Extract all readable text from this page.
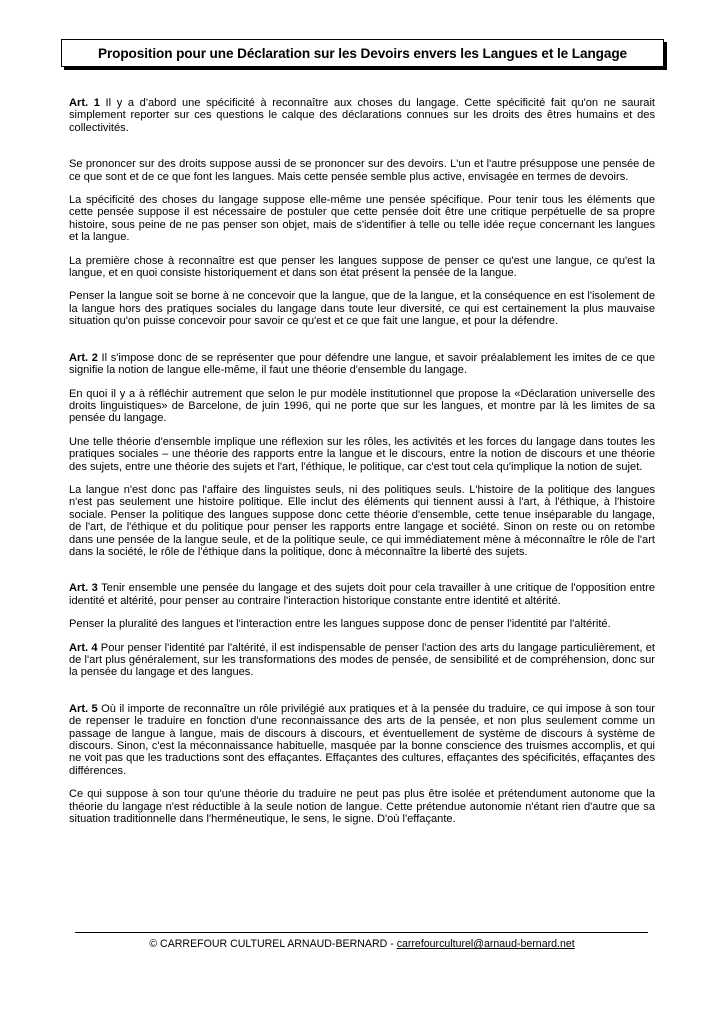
Proposition pour une Déclaration sur les Devoirs envers les Langues et le Langage

Art. 1 Il y a d'abord une spécificité à reconnaître aux choses du langage. Cette spécificité fait qu'on ne saurait simplement reporter sur ces questions le calque des déclarations connues sur les droits des êtres humains et des collectivités.

Se prononcer sur des droits suppose aussi de se prononcer sur des devoirs. L'un et l'autre présuppose une pensée de ce que sont et de ce que font les langues. Mais cette pensée semble plus active, envisagée en termes de devoirs.

La spécificité des choses du langage suppose elle-même une pensée spécifique. Pour tenir tous les éléments que cette pensée suppose il est nécessaire de postuler que cette pensée doit être une critique perpétuelle de sa propre histoire, sous peine de ne pas penser son objet, mais de s'identifier à telle ou telle idée reçue concernant les langues et la langue.

La première chose à reconnaître est que penser les langues suppose de penser ce qu'est une langue, ce qu'est la langue, et en quoi consiste historiquement et dans son état présent la pensée de la langue.

Penser la langue soit se borne à ne concevoir que la langue, que de la langue, et la conséquence en est l'isolement de la langue hors des pratiques sociales du langage dans toute leur diversité, ce qui est certainement la plus mauvaise situation qu'on puisse concevoir pour savoir ce qu'est et ce que fait une langue, et pour la défendre.

Art. 2 Il s'impose donc de se représenter que pour défendre une langue, et savoir préalablement les imites de ce que signifie la notion de langue elle-même, il faut une théorie d'ensemble du langage.

En quoi il y a à réfléchir autrement que selon le pur modèle institutionnel que propose la «Déclaration universelle des droits linguistiques» de Barcelone, de juin 1996, qui ne porte que sur les langues, et montre par là les limites de sa pensée du langage.

Une telle théorie d'ensemble implique une réflexion sur les rôles, les activités et les forces du langage dans toutes les pratiques sociales – une théorie des rapports entre la langue et le discours, entre la notion de discours et une théorie des sujets, entre une théorie des sujets et l'art, l'éthique, le politique, car c'est tout cela qu'implique la notion de sujet.

La langue n'est donc pas l'affaire des linguistes seuls, ni des politiques seuls. L'histoire de la politique des langues n'est pas seulement une histoire politique. Elle inclut des éléments qui tiennent aussi à l'art, à l'éthique, à l'histoire sociale. Penser la politique des langues suppose donc cette théorie d'ensemble, cette tenue inséparable du langage, de l'art, de l'éthique et du politique pour penser les rapports entre langage et société. Sinon on reste ou on retombe dans une pensée de la langue seule, et de la politique seule, ce qui immédiatement mène à méconnaître le rôle de l'art dans la société, le rôle de l'éthique dans la politique, donc à méconnaître la liberté des sujets.

Art. 3 Tenir ensemble une pensée du langage et des sujets doit pour cela travailler à une critique de l'opposition entre identité et altérité, pour penser au contraire l'interaction historique constante entre identité et altérité.

Penser la pluralité des langues et l'interaction entre les langues suppose donc de penser l'identité par l'altérité.

Art. 4 Pour penser l'identité par l'altérité, il est indispensable de penser l'action des arts du langage particulièrement, et de l'art plus généralement, sur les transformations des modes de pensée, de sensibilité et de compréhension, donc sur la pensée du langage et des langues.

Art. 5 Où il importe de reconnaître un rôle privilégié aux pratiques et à la pensée du traduire, ce qui impose à son tour de repenser le traduire en fonction d'une reconnaissance des arts de la pensée, et non plus seulement comme un passage de langue à langue, mais de discours à discours, et éventuellement de système de discours à système de discours. Sinon, c'est la méconnaissance habituelle, masquée par la bonne conscience des truismes accomplis, et qui ne voit pas que les traductions sont des effaçantes. Effaçantes des cultures, effaçantes des spécificités, effaçantes des différences.

Ce qui suppose à son tour qu'une théorie du traduire ne peut pas plus être isolée et prétendument autonome que la théorie du langage n'est réductible à la seule notion de langue. Cette prétendue autonomie n'étant rien d'autre que sa situation traditionnelle dans l'herméneutique, le sens, le signe. D'où l'effaçante.

© CARREFOUR CULTUREL ARNAUD-BERNARD - carrefourculturel@arnaud-bernard.net
